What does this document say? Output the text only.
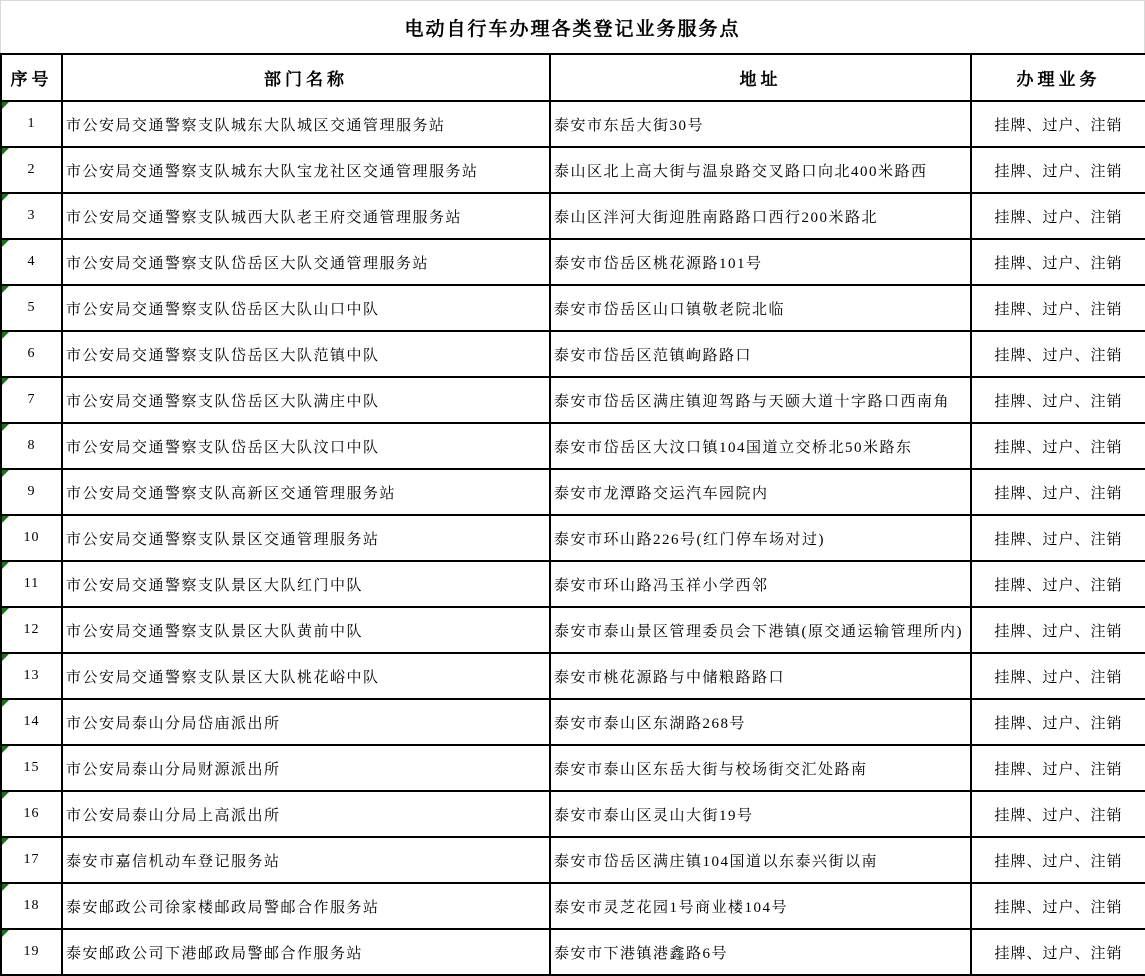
电动自行车办理各类登记业务服务点
序号	部门名称	地址	办理业务

1	市公安局交通警察支队城东大队城区交通管理服务站	泰安市东岳大街30号	挂牌、过户、注销

2	市公安局交通警察支队城东大队宝龙社区交通管理服务站	泰山区北上高大街与温泉路交叉路口向北400米路西	挂牌、过户、注销

3	市公安局交通警察支队城西大队老王府交通管理服务站	泰山区泮河大街迎胜南路路口西行200米路北	挂牌、过户、注销

4	市公安局交通警察支队岱岳区大队交通管理服务站	泰安市岱岳区桃花源路101号	挂牌、过户、注销

5	市公安局交通警察支队岱岳区大队山口中队	泰安市岱岳区山口镇敬老院北临	挂牌、过户、注销

6	市公安局交通警察支队岱岳区大队范镇中队	泰安市岱岳区范镇峋路路口	挂牌、过户、注销

7	市公安局交通警察支队岱岳区大队满庄中队	泰安市岱岳区满庄镇迎驾路与天颐大道十字路口西南角	挂牌、过户、注销

8	市公安局交通警察支队岱岳区大队汶口中队	泰安市岱岳区大汶口镇104国道立交桥北50米路东	挂牌、过户、注销

9	市公安局交通警察支队高新区交通管理服务站	泰安市龙潭路交运汽车园院内	挂牌、过户、注销

10	市公安局交通警察支队景区交通管理服务站	泰安市环山路226号(红门停车场对过)	挂牌、过户、注销

11	市公安局交通警察支队景区大队红门中队	泰安市环山路冯玉祥小学西邻	挂牌、过户、注销

12	市公安局交通警察支队景区大队黄前中队	泰安市泰山景区管理委员会下港镇(原交通运输管理所内)	挂牌、过户、注销

13	市公安局交通警察支队景区大队桃花峪中队	泰安市桃花源路与中储粮路路口	挂牌、过户、注销

14	市公安局泰山分局岱庙派出所	泰安市泰山区东湖路268号	挂牌、过户、注销

15	市公安局泰山分局财源派出所	泰安市泰山区东岳大街与校场街交汇处路南	挂牌、过户、注销

16	市公安局泰山分局上高派出所	泰安市泰山区灵山大街19号	挂牌、过户、注销

17	泰安市嘉信机动车登记服务站	泰安市岱岳区满庄镇104国道以东泰兴街以南	挂牌、过户、注销

18	泰安邮政公司徐家楼邮政局警邮合作服务站	泰安市灵芝花园1号商业楼104号	挂牌、过户、注销

19	泰安邮政公司下港邮政局警邮合作服务站	泰安市下港镇港鑫路6号	挂牌、过户、注销
